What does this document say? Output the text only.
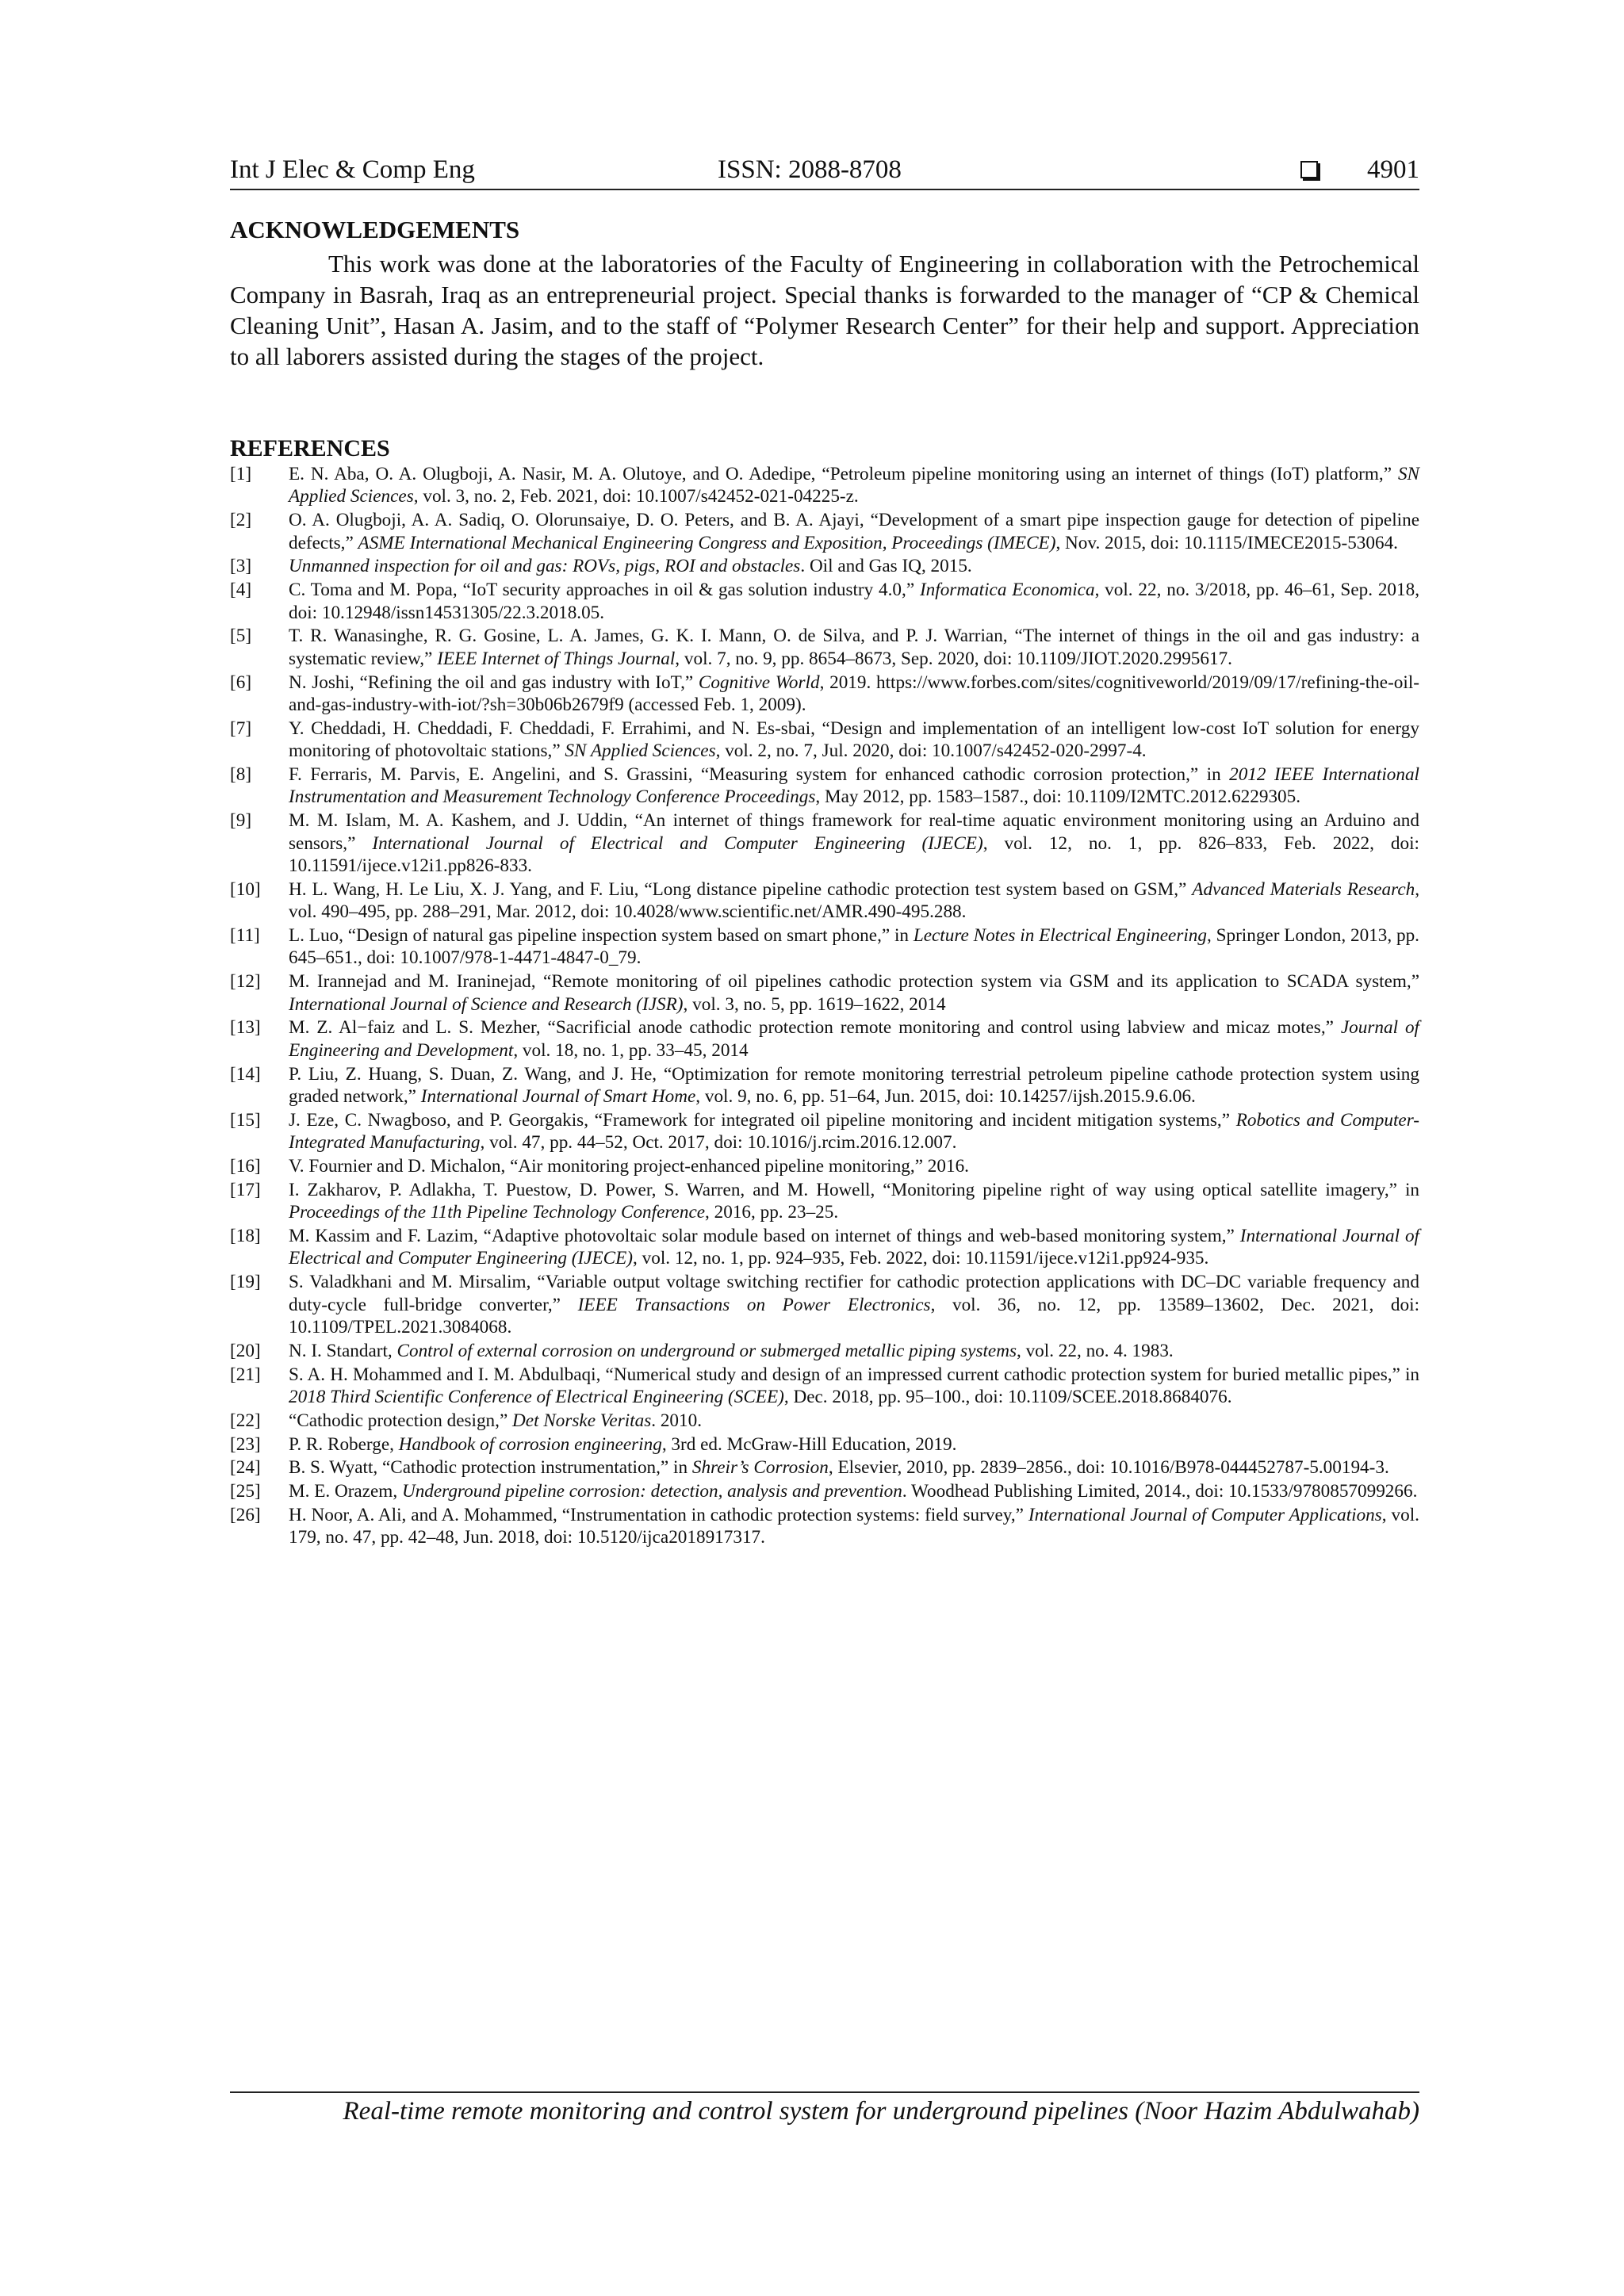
Int J Elec & Comp Eng	ISSN: 2088-8708	4901
ACKNOWLEDGEMENTS

This work was done at the laboratories of the Faculty of Engineering in collaboration with the Petrochemical Company in Basrah, Iraq as an entrepreneurial project. Special thanks is forwarded to the manager of “CP & Chemical Cleaning Unit”, Hasan A. Jasim, and to the staff of “Polymer Research Center” for their help and support. Appreciation to all laborers assisted during the stages of the project.

REFERENCES
[1]	E. N. Aba, O. A. Olugboji, A. Nasir, M. A. Olutoye, and O. Adedipe, “Petroleum pipeline monitoring using an internet of things (IoT) platform,” SN Applied Sciences, vol. 3, no. 2, Feb. 2021, doi: 10.1007/s42452-021-04225-z.
[2]	O. A. Olugboji, A. A. Sadiq, O. Olorunsaiye, D. O. Peters, and B. A. Ajayi, “Development of a smart pipe inspection gauge for detection of pipeline defects,” ASME International Mechanical Engineering Congress and Exposition, Proceedings (IMECE), Nov. 2015, doi: 10.1115/IMECE2015-53064.
[3]	Unmanned inspection for oil and gas: ROVs, pigs, ROI and obstacles. Oil and Gas IQ, 2015.
[4]	C. Toma and M. Popa, “IoT security approaches in oil & gas solution industry 4.0,” Informatica Economica, vol. 22, no. 3/2018, pp. 46–61, Sep. 2018, doi: 10.12948/issn14531305/22.3.2018.05.
[5]	T. R. Wanasinghe, R. G. Gosine, L. A. James, G. K. I. Mann, O. de Silva, and P. J. Warrian, “The internet of things in the oil and gas industry: a systematic review,” IEEE Internet of Things Journal, vol. 7, no. 9, pp. 8654–8673, Sep. 2020, doi: 10.1109/JIOT.2020.2995617.
[6]	N. Joshi, “Refining the oil and gas industry with IoT,” Cognitive World, 2019. https://www.forbes.com/sites/cognitiveworld/2019/09/17/refining-the-oil-and-gas-industry-with-iot/?sh=30b06b2679f9 (accessed Feb. 1, 2009).
[7]	Y. Cheddadi, H. Cheddadi, F. Cheddadi, F. Errahimi, and N. Es-sbai, “Design and implementation of an intelligent low-cost IoT solution for energy monitoring of photovoltaic stations,” SN Applied Sciences, vol. 2, no. 7, Jul. 2020, doi: 10.1007/s42452-020-2997-4.
[8]	F. Ferraris, M. Parvis, E. Angelini, and S. Grassini, “Measuring system for enhanced cathodic corrosion protection,” in 2012 IEEE International Instrumentation and Measurement Technology Conference Proceedings, May 2012, pp. 1583–1587., doi: 10.1109/I2MTC.2012.6229305.
[9]	M. M. Islam, M. A. Kashem, and J. Uddin, “An internet of things framework for real-time aquatic environment monitoring using an Arduino and sensors,” International Journal of Electrical and Computer Engineering (IJECE), vol. 12, no. 1, pp. 826–833, Feb. 2022, doi: 10.11591/ijece.v12i1.pp826-833.
[10]	H. L. Wang, H. Le Liu, X. J. Yang, and F. Liu, “Long distance pipeline cathodic protection test system based on GSM,” Advanced Materials Research, vol. 490–495, pp. 288–291, Mar. 2012, doi: 10.4028/www.scientific.net/AMR.490-495.288.
[11]	L. Luo, “Design of natural gas pipeline inspection system based on smart phone,” in Lecture Notes in Electrical Engineering, Springer London, 2013, pp. 645–651., doi: 10.1007/978-1-4471-4847-0_79.
[12]	M. Irannejad and M. Iraninejad, “Remote monitoring of oil pipelines cathodic protection system via GSM and its application to SCADA system,” International Journal of Science and Research (IJSR), vol. 3, no. 5, pp. 1619–1622, 2014
[13]	M. Z. Al−faiz and L. S. Mezher, “Sacrificial anode cathodic protection remote monitoring and control using labview and micaz motes,” Journal of Engineering and Development, vol. 18, no. 1, pp. 33–45, 2014
[14]	P. Liu, Z. Huang, S. Duan, Z. Wang, and J. He, “Optimization for remote monitoring terrestrial petroleum pipeline cathode protection system using graded network,” International Journal of Smart Home, vol. 9, no. 6, pp. 51–64, Jun. 2015, doi: 10.14257/ijsh.2015.9.6.06.
[15]	J. Eze, C. Nwagboso, and P. Georgakis, “Framework for integrated oil pipeline monitoring and incident mitigation systems,” Robotics and Computer-Integrated Manufacturing, vol. 47, pp. 44–52, Oct. 2017, doi: 10.1016/j.rcim.2016.12.007.
[16]	V. Fournier and D. Michalon, “Air monitoring project-enhanced pipeline monitoring,” 2016.
[17]	I. Zakharov, P. Adlakha, T. Puestow, D. Power, S. Warren, and M. Howell, “Monitoring pipeline right of way using optical satellite imagery,” in Proceedings of the 11th Pipeline Technology Conference, 2016, pp. 23–25.
[18]	M. Kassim and F. Lazim, “Adaptive photovoltaic solar module based on internet of things and web-based monitoring system,” International Journal of Electrical and Computer Engineering (IJECE), vol. 12, no. 1, pp. 924–935, Feb. 2022, doi: 10.11591/ijece.v12i1.pp924-935.
[19]	S. Valadkhani and M. Mirsalim, “Variable output voltage switching rectifier for cathodic protection applications with DC–DC variable frequency and duty-cycle full-bridge converter,” IEEE Transactions on Power Electronics, vol. 36, no. 12, pp. 13589–13602, Dec. 2021, doi: 10.1109/TPEL.2021.3084068.
[20]	N. I. Standart, Control of external corrosion on underground or submerged metallic piping systems, vol. 22, no. 4. 1983.
[21]	S. A. H. Mohammed and I. M. Abdulbaqi, “Numerical study and design of an impressed current cathodic protection system for buried metallic pipes,” in 2018 Third Scientific Conference of Electrical Engineering (SCEE), Dec. 2018, pp. 95–100., doi: 10.1109/SCEE.2018.8684076.
[22]	“Cathodic protection design,” Det Norske Veritas. 2010.
[23]	P. R. Roberge, Handbook of corrosion engineering, 3rd ed. McGraw-Hill Education, 2019.
[24]	B. S. Wyatt, “Cathodic protection instrumentation,” in Shreir’s Corrosion, Elsevier, 2010, pp. 2839–2856., doi: 10.1016/B978-044452787-5.00194-3.
[25]	M. E. Orazem, Underground pipeline corrosion: detection, analysis and prevention. Woodhead Publishing Limited, 2014., doi: 10.1533/9780857099266.
[26]	H. Noor, A. Ali, and A. Mohammed, “Instrumentation in cathodic protection systems: field survey,” International Journal of Computer Applications, vol. 179, no. 47, pp. 42–48, Jun. 2018, doi: 10.5120/ijca2018917317.
Real-time remote monitoring and control system for underground pipelines (Noor Hazim Abdulwahab)
